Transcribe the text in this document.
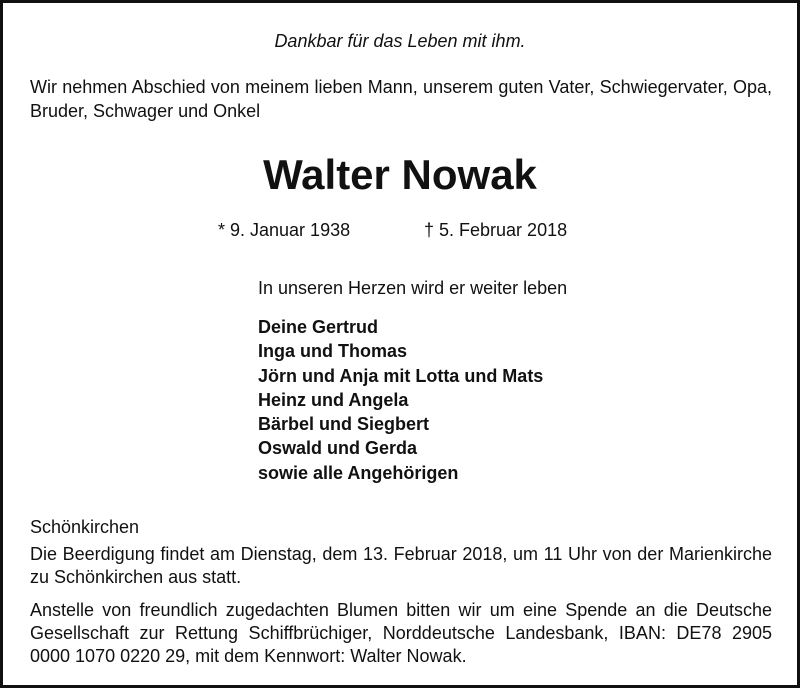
Dankbar für das Leben mit ihm.
Wir nehmen Abschied von meinem lieben Mann, unserem guten Vater, Schwiegervater, Opa, Bruder, Schwager und Onkel
Walter Nowak
* 9. Januar 1938	† 5. Februar 2018
In unseren Herzen wird er weiter leben
Deine Gertrud
Inga und Thomas
Jörn und Anja mit Lotta und Mats
Heinz und Angela
Bärbel und Siegbert
Oswald und Gerda
sowie alle Angehörigen
Schönkirchen
Die Beerdigung findet am Dienstag, dem 13. Februar 2018, um 11 Uhr von der Marienkirche zu Schönkirchen aus statt.
Anstelle von freundlich zugedachten Blumen bitten wir um eine Spende an die Deutsche Gesellschaft zur Rettung Schiffbrüchiger, Norddeutsche Landesbank, IBAN: DE78 2905 0000 1070 0220 29, mit dem Kennwort: Walter Nowak.
